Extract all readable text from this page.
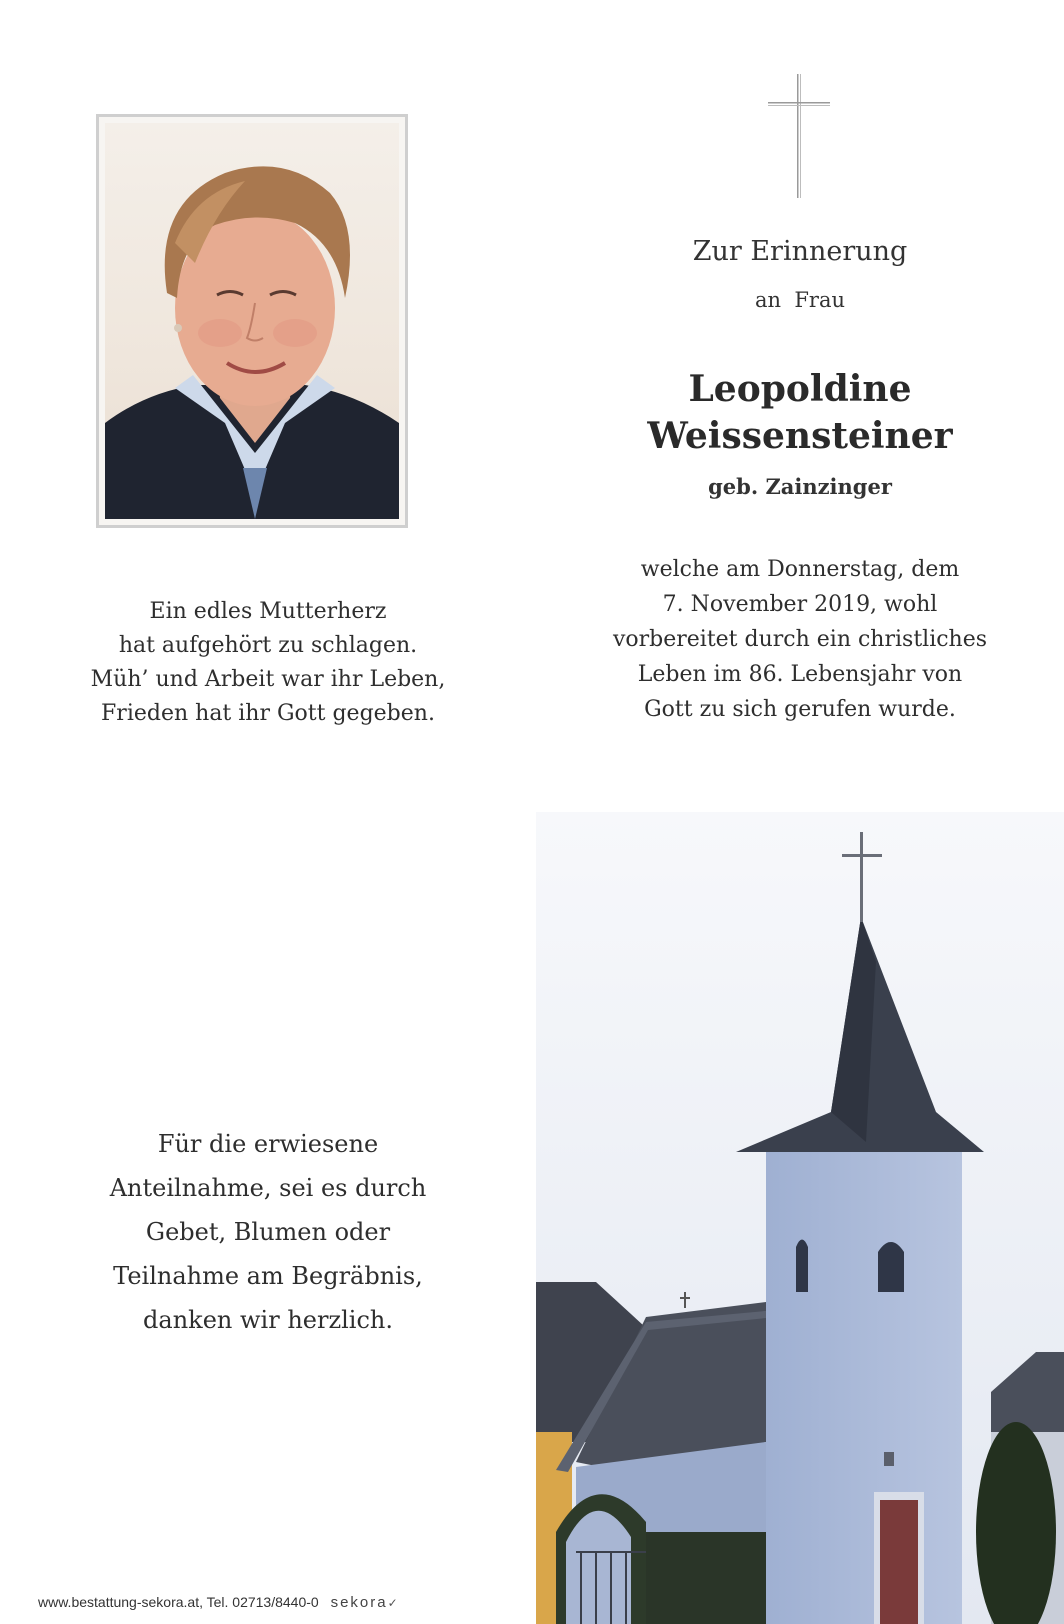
Ein edles Mutterherz
hat aufgehört zu schlagen.
Müh’ und Arbeit war ihr Leben,
Frieden hat ihr Gott gegeben.
Zur Erinnerung
an  Frau
Leopoldine
Weissensteiner
geb. Zainzinger
welche am Donnerstag, dem
7. November 2019, wohl
vorbereitet durch ein christliches
Leben im 86. Lebensjahr von
Gott zu sich gerufen wurde.
Für die erwiesene
Anteilnahme, sei es durch
Gebet, Blumen oder
Teilnahme am Begräbnis,
danken wir herzlich.
www.bestattung-sekora.at, Tel. 02713/8440-0 sekora✓
